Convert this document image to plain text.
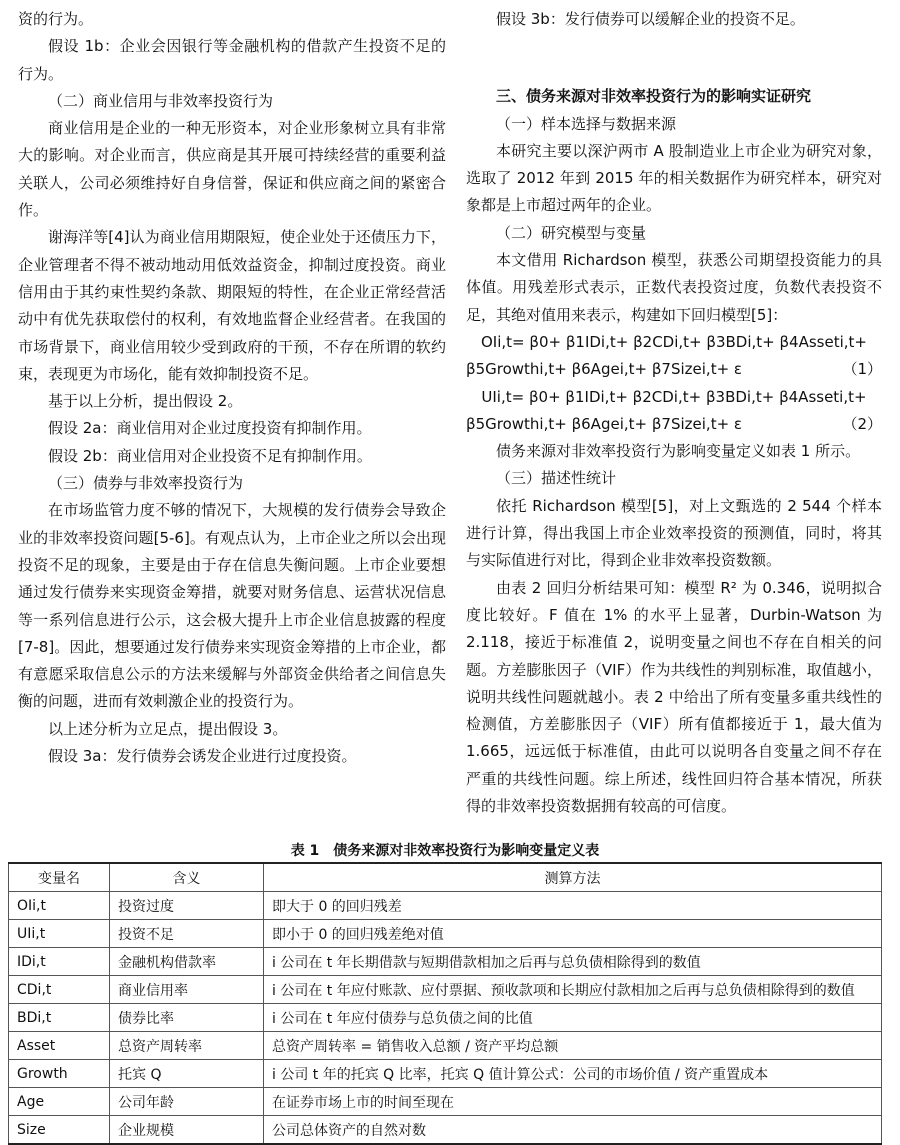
资的行为。

假设 1b：企业会因银行等金融机构的借款产生投资不足的行为。

（二）商业信用与非效率投资行为

商业信用是企业的一种无形资本，对企业形象树立具有非常大的影响。对企业而言，供应商是其开展可持续经营的重要利益关联人，公司必须维持好自身信誉，保证和供应商之间的紧密合作。

谢海洋等[4]认为商业信用期限短，使企业处于还债压力下，企业管理者不得不被动地动用低效益资金，抑制过度投资。商业信用由于其约束性契约条款、期限短的特性，在企业正常经营活动中有优先获取偿付的权利，有效地监督企业经营者。在我国的市场背景下，商业信用较少受到政府的干预，不存在所谓的软约束，表现更为市场化，能有效抑制投资不足。

基于以上分析，提出假设 2。

假设 2a：商业信用对企业过度投资有抑制作用。

假设 2b：商业信用对企业投资不足有抑制作用。

（三）债券与非效率投资行为

在市场监管力度不够的情况下，大规模的发行债券会导致企业的非效率投资问题[5-6]。有观点认为，上市企业之所以会出现投资不足的现象，主要是由于存在信息失衡问题。上市企业要想通过发行债券来实现资金筹措，就要对财务信息、运营状况信息等一系列信息进行公示，这会极大提升上市企业信息披露的程度[7-8]。因此，想要通过发行债券来实现资金筹措的上市企业，都有意愿采取信息公示的方法来缓解与外部资金供给者之间信息失衡的问题，进而有效刺激企业的投资行为。

以上述分析为立足点，提出假设 3。

假设 3a：发行债券会诱发企业进行过度投资。

假设 3b：发行债券可以缓解企业的投资不足。

三、债务来源对非效率投资行为的影响实证研究

（一）样本选择与数据来源

本研究主要以深沪两市 A 股制造业上市企业为研究对象，选取了 2012 年到 2015 年的相关数据作为研究样本，研究对象都是上市超过两年的企业。

（二）研究模型与变量

本文借用 Richardson 模型，获悉公司期望投资能力的具体值。用残差形式表示，正数代表投资过度，负数代表投资不足，其绝对值用来表示，构建如下回归模型[5]：

OIi,t= β0+ β1IDi,t+ β2CDi,t+ β3BDi,t+ β4Asseti,t+

β5Growthi,t+ β6Agei,t+ β7Sizei,t+ ε	（1）

UIi,t= β0+ β1IDi,t+ β2CDi,t+ β3BDi,t+ β4Asseti,t+

β5Growthi,t+ β6Agei,t+ β7Sizei,t+ ε	（2）

债务来源对非效率投资行为影响变量定义如表 1 所示。

（三）描述性统计

依托 Richardson 模型[5]，对上文甄选的 2 544 个样本进行计算，得出我国上市企业效率投资的预测值，同时，将其与实际值进行对比，得到企业非效率投资数额。

由表 2 回归分析结果可知：模型 R² 为 0.346，说明拟合度比较好。F 值在 1% 的水平上显著，Durbin-Watson 为 2.118，接近于标准值 2，说明变量之间也不存在自相关的问题。方差膨胀因子（VIF）作为共线性的判别标准，取值越小，说明共线性问题就越小。表 2 中给出了所有变量多重共线性的检测值，方差膨胀因子（VIF）所有值都接近于 1，最大值为 1.665，远远低于标准值，由此可以说明各自变量之间不存在严重的共线性问题。综上所述，线性回归符合基本情况，所获得的非效率投资数据拥有较高的可信度。

表 1　债务来源对非效率投资行为影响变量定义表
变量名	含义	测算方法
OIi,t	投资过度	即大于 0 的回归残差
UIi,t	投资不足	即小于 0 的回归残差绝对值
IDi,t	金融机构借款率	i 公司在 t 年长期借款与短期借款相加之后再与总负债相除得到的数值
CDi,t	商业信用率	i 公司在 t 年应付账款、应付票据、预收款项和长期应付款相加之后再与总负债相除得到的数值
BDi,t	债券比率	i 公司在 t 年应付债券与总负债之间的比值
Asset	总资产周转率	总资产周转率 = 销售收入总额 / 资产平均总额
Growth	托宾 Q	i 公司 t 年的托宾 Q 比率，托宾 Q 值计算公式：公司的市场价值 / 资产重置成本
Age	公司年龄	在证券市场上市的时间至现在
Size	企业规模	公司总体资产的自然对数
